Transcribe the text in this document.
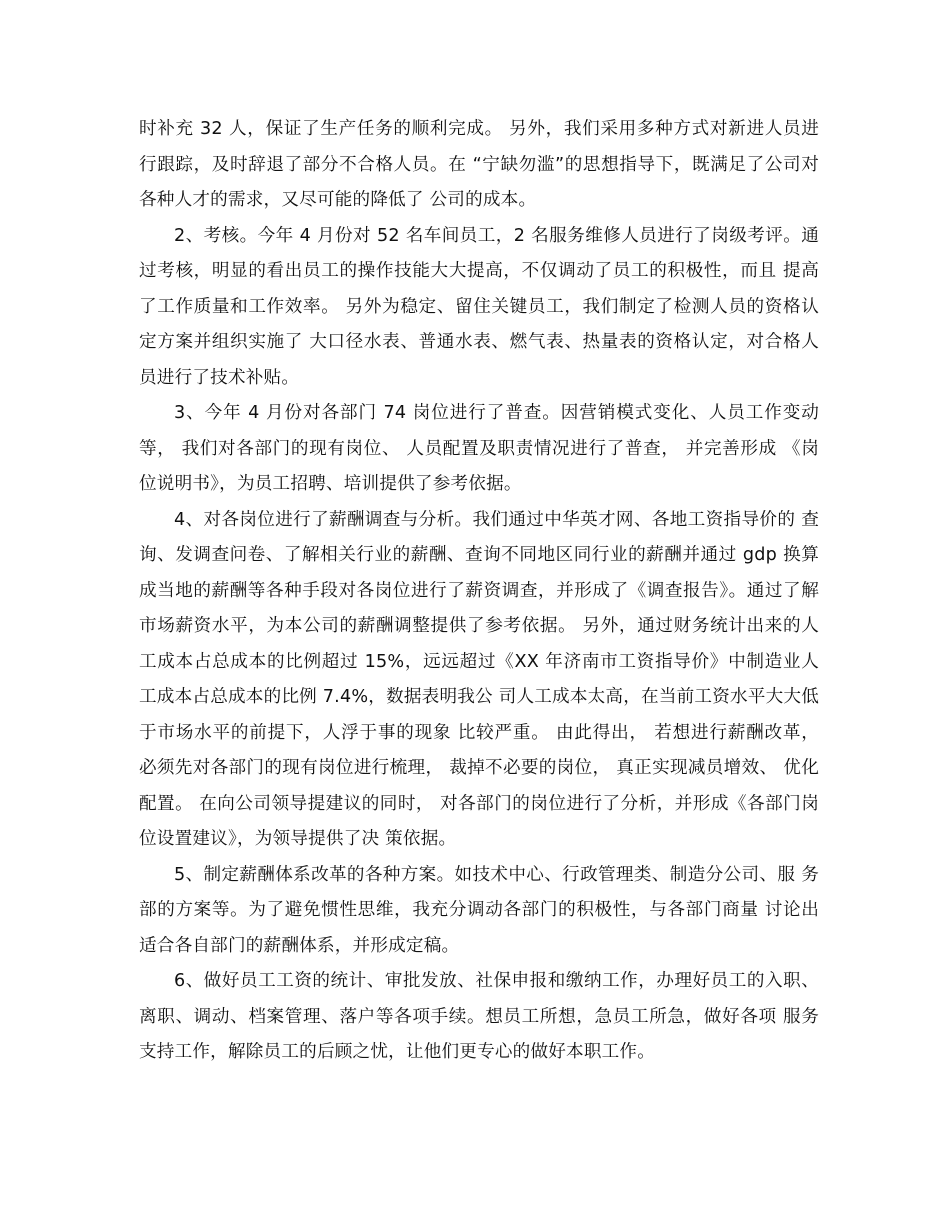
时补充 32 人，保证了生产任务的顺利完成。 另外，我们采用多种方式对新进人员进行跟踪，及时辞退了部分不合格人员。在 “宁缺勿滥”的思想指导下，既满足了公司对各种人才的需求，又尽可能的降低了 公司的成本。

2、考核。今年 4 月份对 52 名车间员工，2 名服务维修人员进行了岗级考评。通 过考核，明显的看出员工的操作技能大大提高，不仅调动了员工的积极性，而且 提高了工作质量和工作效率。 另外为稳定、留住关键员工，我们制定了检测人员的资格认定方案并组织实施了 大口径水表、普通水表、燃气表、热量表的资格认定，对合格人员进行了技术补贴。

3、今年 4 月份对各部门 74 岗位进行了普查。因营销模式变化、人员工作变动 等， 我们对各部门的现有岗位、 人员配置及职责情况进行了普查， 并完善形成 《岗 位说明书》，为员工招聘、培训提供了参考依据。

4、对各岗位进行了薪酬调查与分析。我们通过中华英才网、各地工资指导价的 查询、发调查问卷、了解相关行业的薪酬、查询不同地区同行业的薪酬并通过 gdp 换算成当地的薪酬等各种手段对各岗位进行了薪资调查，并形成了《调查报告》。通过了解市场薪资水平，为本公司的薪酬调整提供了参考依据。 另外，通过财务统计出来的人工成本占总成本的比例超过 15%，远远超过《XX 年济南市工资指导价》中制造业人工成本占总成本的比例 7.4%，数据表明我公 司人工成本太高，在当前工资水平大大低于市场水平的前提下，人浮于事的现象 比较严重。 由此得出， 若想进行薪酬改革， 必须先对各部门的现有岗位进行梳理， 裁掉不必要的岗位， 真正实现减员增效、 优化配置。 在向公司领导提建议的同时， 对各部门的岗位进行了分析，并形成《各部门岗位设置建议》，为领导提供了决 策依据。

5、制定薪酬体系改革的各种方案。如技术中心、行政管理类、制造分公司、服 务部的方案等。为了避免惯性思维，我充分调动各部门的积极性，与各部门商量 讨论出适合各自部门的薪酬体系，并形成定稿。

6、做好员工工资的统计、审批发放、社保申报和缴纳工作，办理好员工的入职、 离职、调动、档案管理、落户等各项手续。想员工所想，急员工所急，做好各项 服务支持工作，解除员工的后顾之忧，让他们更专心的做好本职工作。
